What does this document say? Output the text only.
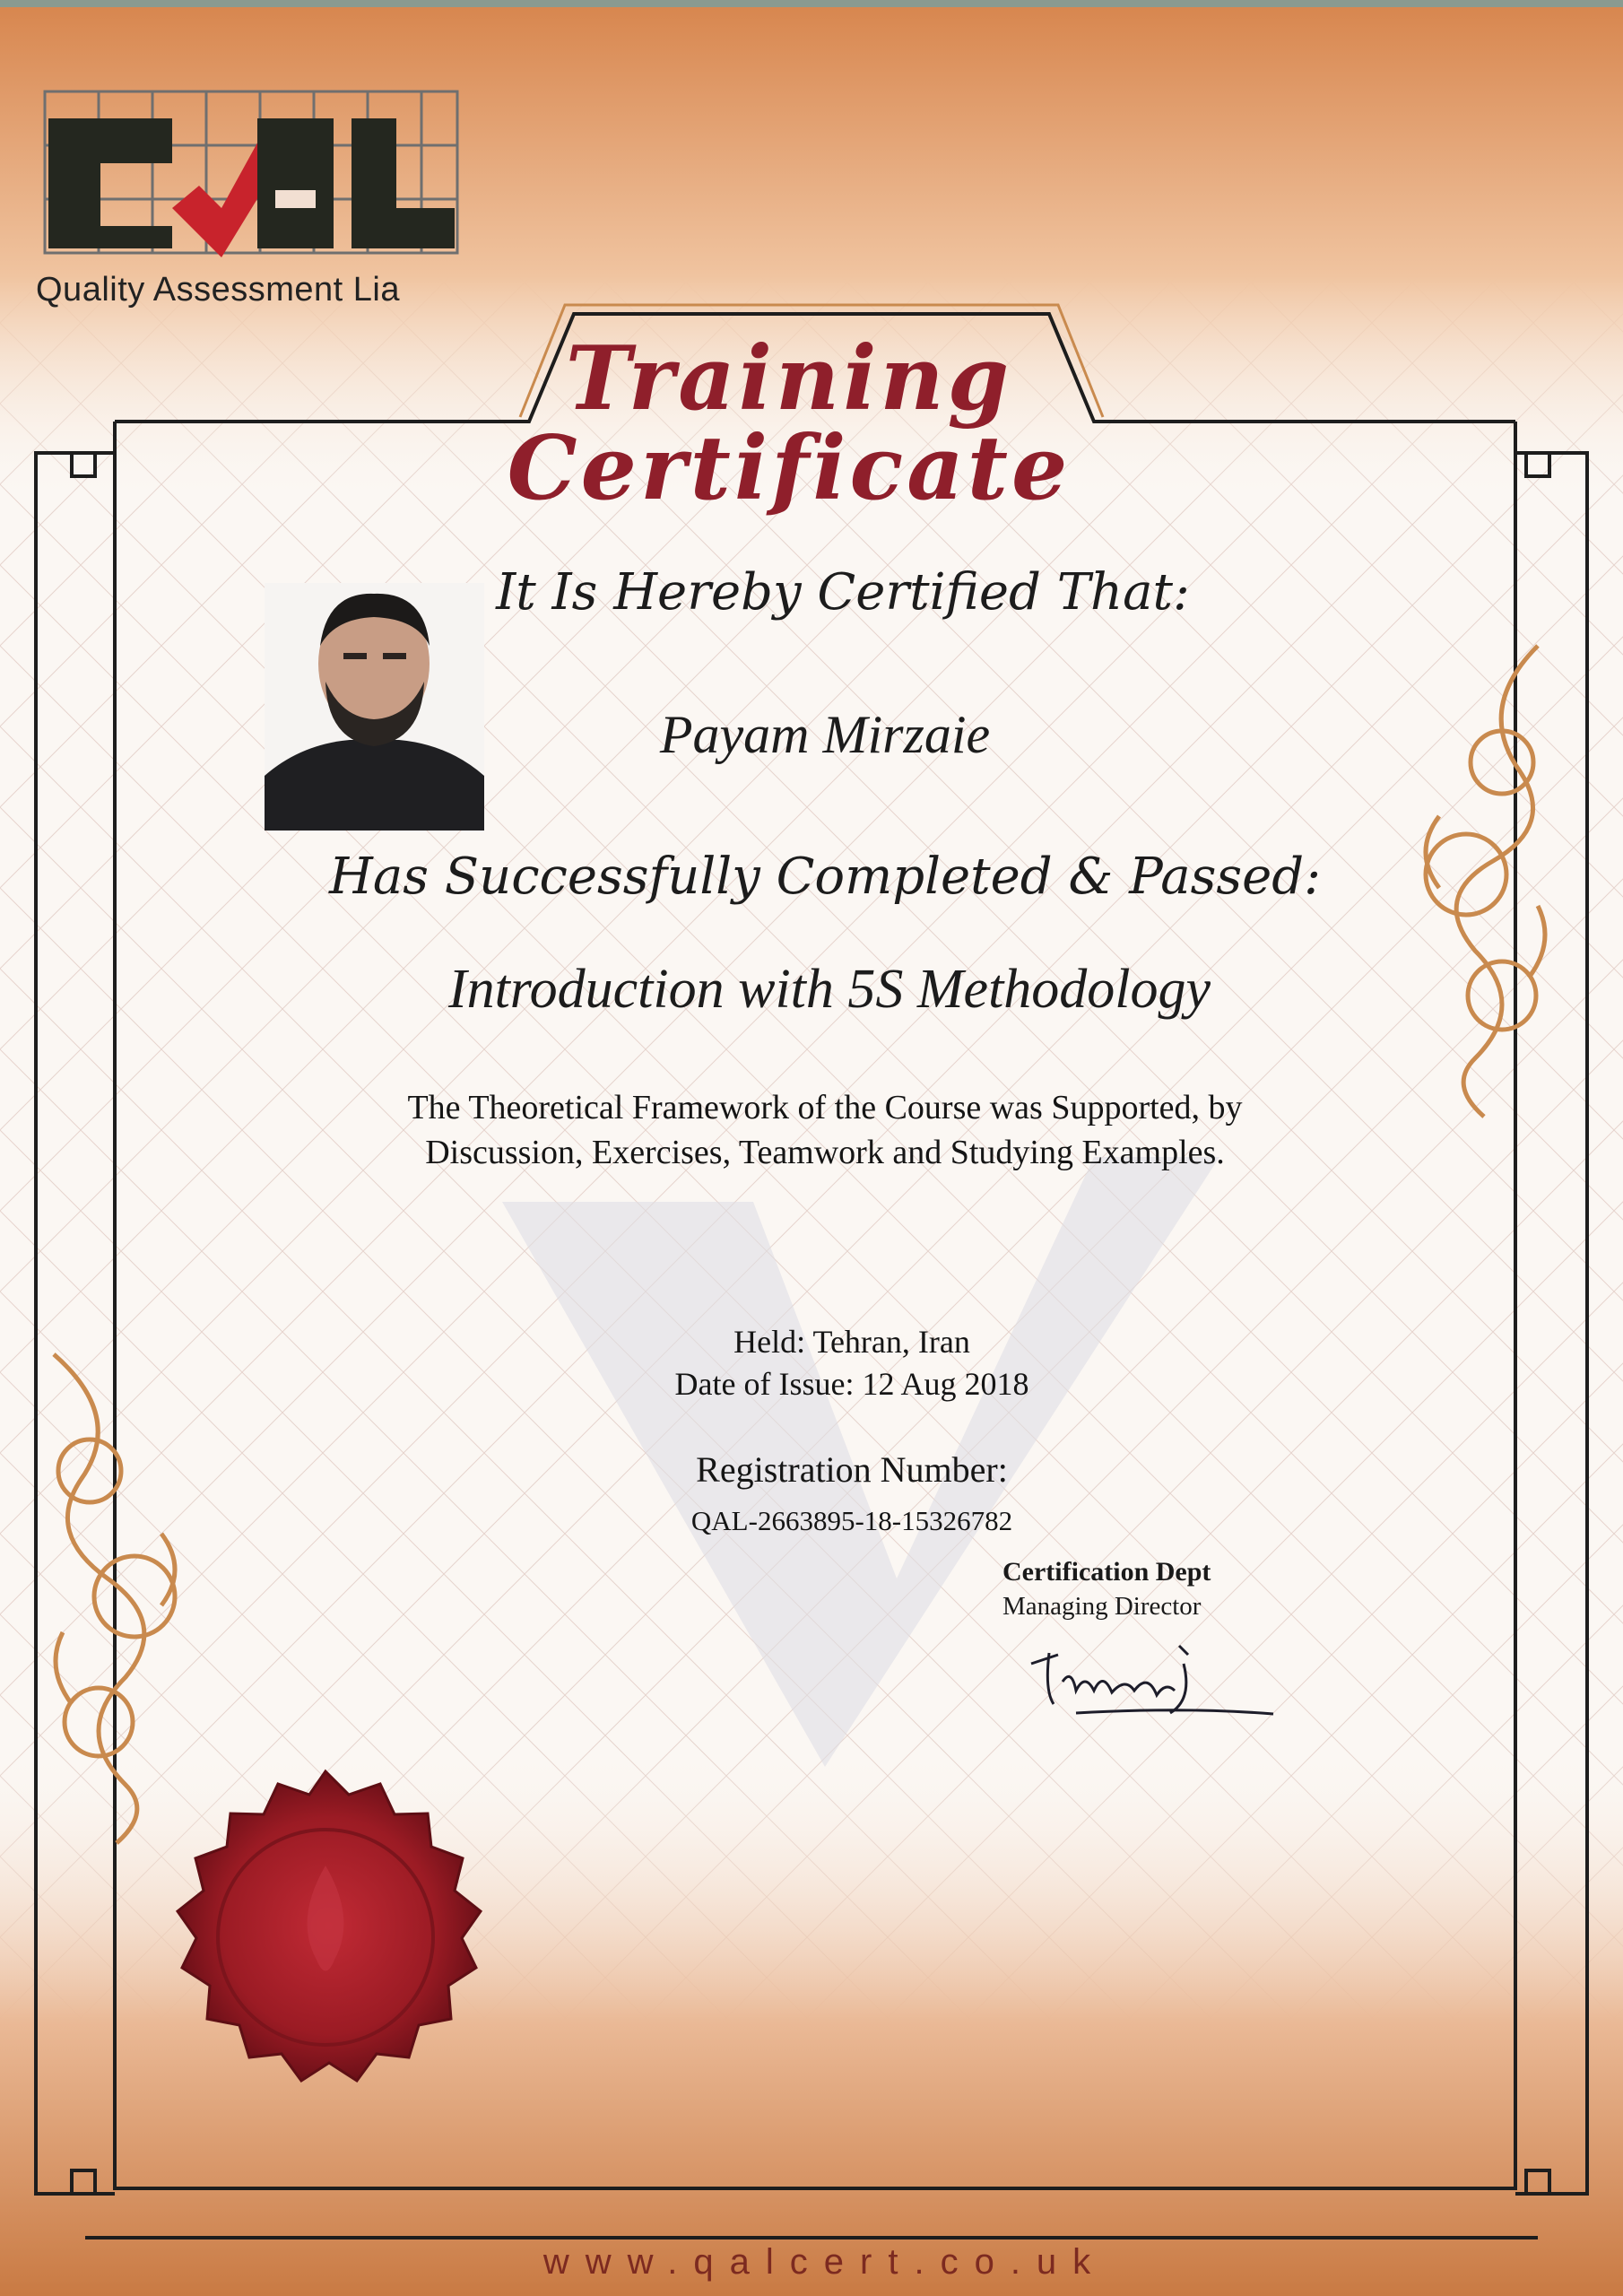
Quality Assessment Lia
Training
Certificate
It Is Hereby Certified That:
Payam Mirzaie
Has Successfully Completed & Passed:
Introduction with 5S Methodology
The Theoretical Framework of the Course was Supported, by Discussion, Exercises, Teamwork and Studying Examples.
Held: Tehran, Iran
Date of Issue: 12 Aug 2018
Registration Number:
QAL-2663895-18-15326782
Certification Dept
Managing Director
www.qalcert.co.uk
